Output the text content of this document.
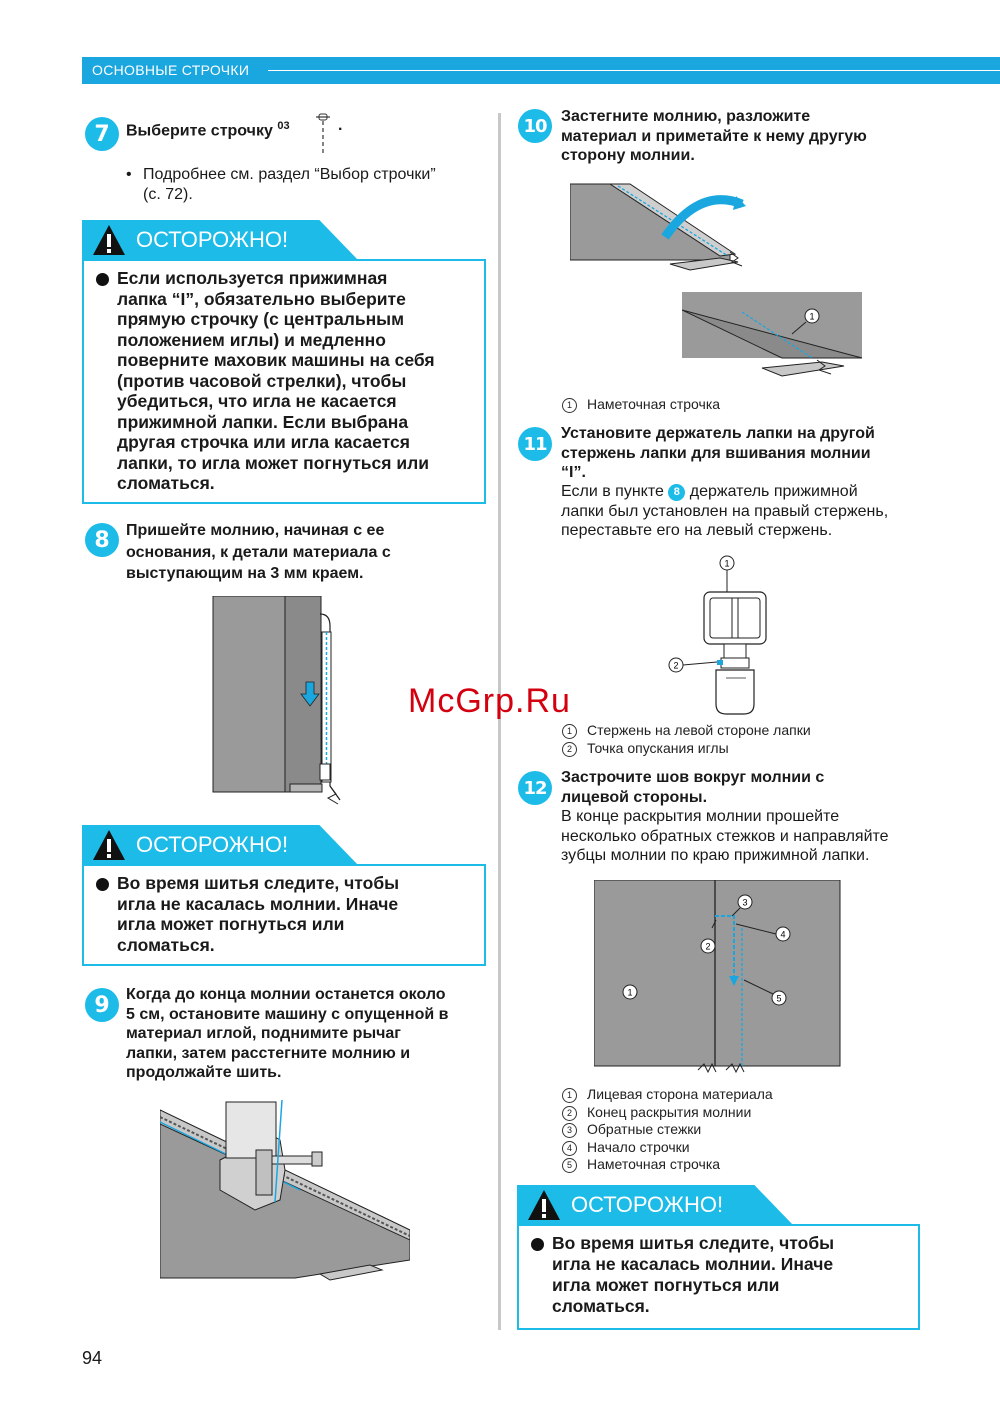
ОСНОВНЫЕ СТРОЧКИ
7	Выберите строчку $^{03}$	.
• Подробнее см. раздел “Выбор строчки”
(с. 72).
ОСТОРОЖНО!
Если используется прижимная
лапка “I”, обязательно выберите
прямую строчку (с центральным
положением иглы) и медленно
поверните маховик машины на себя
(против часовой стрелки), чтобы
убедиться, что игла не касается
прижимной лапки. Если выбрана
другая строчка или игла касается
лапки, то игла может погнуться или
сломаться.
8	Пришейте молнию, начиная с ее
основания, к детали материала с
выступающим на 3 мм краем.
ОСТОРОЖНО!
Во время шитья следите, чтобы
игла не касалась молнии. Иначе
игла может погнуться или
сломаться.
9	Когда до конца молнии останется около
5 см, остановите машину с опущенной в
материал иглой, поднимите рычаг
лапки, затем расстегните молнию и
продолжайте шить.
10 Застегните молнию, разложите
материал и приметайте к нему другую
сторону молнии.
1
1 Наметочная строчка
11 Установите держатель лапки на другой
стержень лапки для вшивания молнии
“I”.
Если в пункте 8 держатель прижимной
лапки был установлен на правый стержень,
переставьте его на левый стержень.
1
2
1 Стержень на левой стороне лапки
2 Точка опускания иглы
12 Застрочите шов вокруг молнии с
лицевой стороны.
В конце раскрытия молнии прошейте
несколько обратных стежков и направляйте
зубцы молнии по краю прижимной лапки.
1
2
3
4
5
1 Лицевая сторона материала
2 Конец раскрытия молнии
3 Обратные стежки
4 Начало строчки
5 Наметочная строчка
ОСТОРОЖНО!
Во время шитья следите, чтобы
игла не касалась молнии. Иначе
игла может погнуться или
сломаться.
McGrp.Ru
94
